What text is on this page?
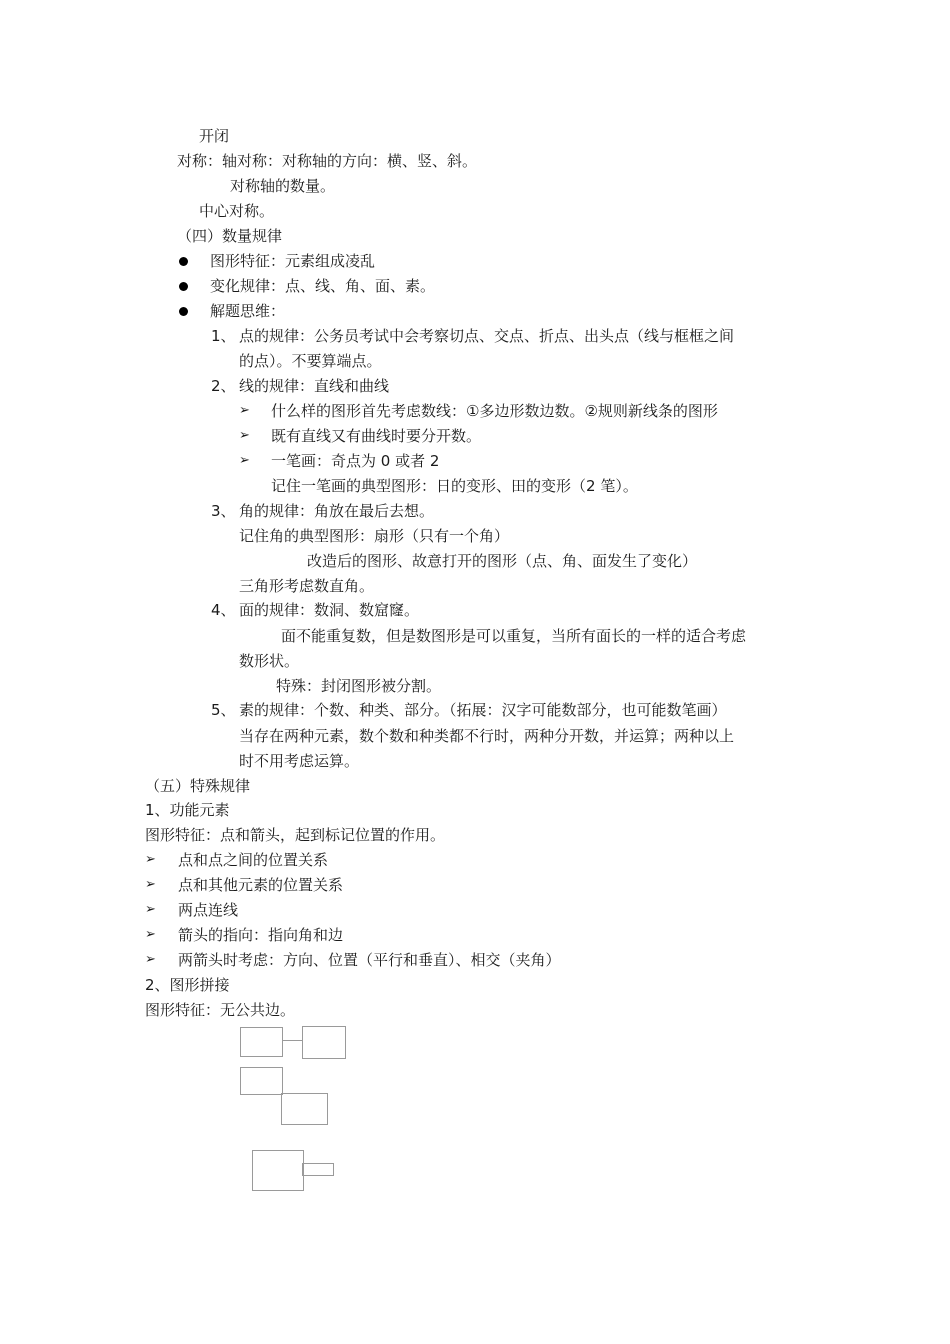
开闭
对称：轴对称：对称轴的方向：横、竖、斜。
对称轴的数量。
中心对称。
（四）数量规律
图形特征：元素组成凌乱
变化规律：点、线、角、面、素。
解题思维：
1、 点的规律：公务员考试中会考察切点、交点、折点、出头点（线与框框之间
的点）。不要算端点。
2、 线的规律：直线和曲线
➢ 什么样的图形首先考虑数线：①多边形数边数。②规则新线条的图形
➢ 既有直线又有曲线时要分开数。
➢ 一笔画：奇点为 0 或者 2
记住一笔画的典型图形：日的变形、田的变形（2 笔）。
3、 角的规律：角放在最后去想。
记住角的典型图形：扇形（只有一个角）
改造后的图形、故意打开的图形（点、角、面发生了变化）
三角形考虑数直角。
4、 面的规律：数洞、数窟窿。
面不能重复数，但是数图形是可以重复，当所有面长的一样的适合考虑
数形状。
特殊：封闭图形被分割。
5、 素的规律：个数、种类、部分。（拓展：汉字可能数部分，也可能数笔画）
当存在两种元素，数个数和种类都不行时，两种分开数，并运算；两种以上
时不用考虑运算。
（五）特殊规律
1、功能元素
图形特征：点和箭头，起到标记位置的作用。
➢ 点和点之间的位置关系
➢ 点和其他元素的位置关系
➢ 两点连线
➢ 箭头的指向：指向角和边
➢ 两箭头时考虑：方向、位置（平行和垂直）、相交（夹角）
2、图形拼接
图形特征：无公共边。
